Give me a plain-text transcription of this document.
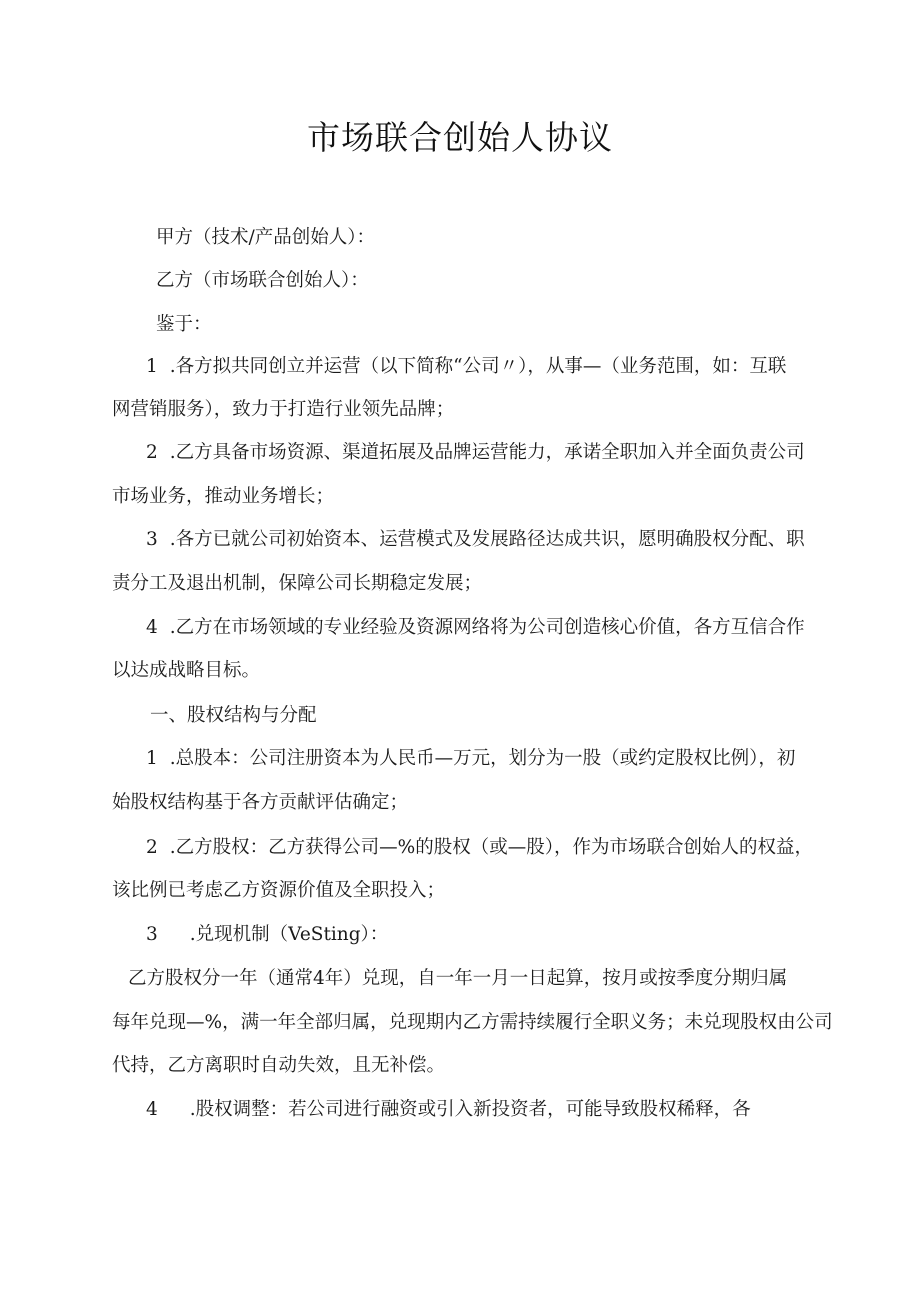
市场联合创始人协议
甲方（技术/产品创始人）：
乙方（市场联合创始人）：
鉴于：
1 .各方拟共同创立并运营（以下简称“公司〃），从事—（业务范围，如：互联
网营销服务），致力于打造行业领先品牌；
2 .乙方具备市场资源、渠道拓展及品牌运营能力，承诺全职加入并全面负责公司
市场业务，推动业务增长；
3 .各方已就公司初始资本、运营模式及发展路径达成共识，愿明确股权分配、职
责分工及退出机制，保障公司长期稳定发展；
4 .乙方在市场领域的专业经验及资源网络将为公司创造核心价值，各方互信合作
以达成战略目标。
一、股权结构与分配
1 .总股本：公司注册资本为人民币—万元，划分为一股（或约定股权比例），初
始股权结构基于各方贡献评估确定；
2 .乙方股权：乙方获得公司—%的股权（或—股），作为市场联合创始人的权益，
该比例已考虑乙方资源价值及全职投入；
3 .兑现机制（VeSting）：
乙方股权分一年（通常4年）兑现，自一年一月一日起算，按月或按季度分期归属
每年兑现—%，满一年全部归属，兑现期内乙方需持续履行全职义务；未兑现股权由公司
代持，乙方离职时自动失效，且无补偿。
4 .股权调整：若公司进行融资或引入新投资者，可能导致股权稀释，各
